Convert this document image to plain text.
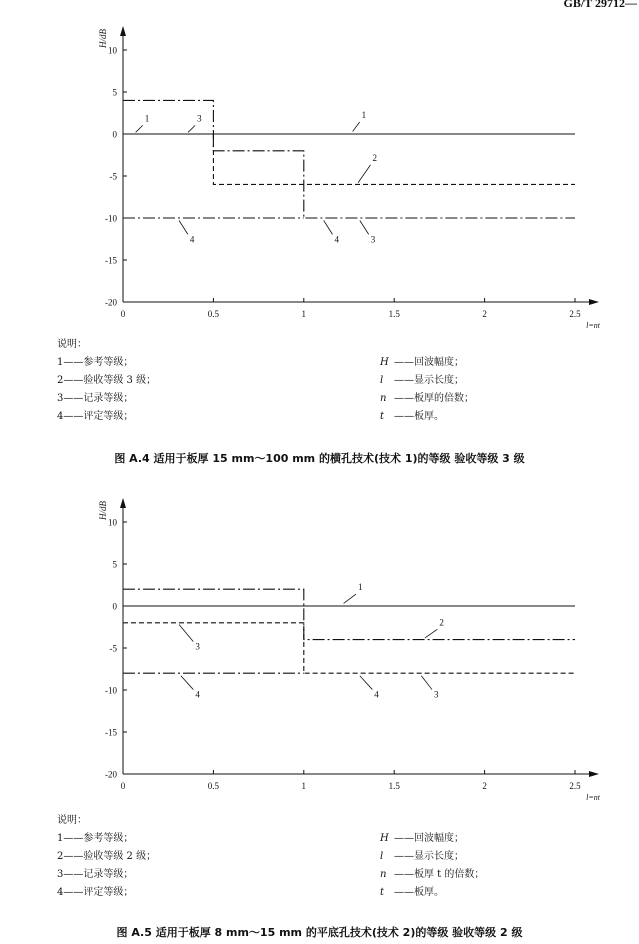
GB/T 29712—
10
5
0
-5
-10
-15
-20
0	0.5	1	1.5	2	2.5
H/dB
l=nt
1	3	1
2
4	4	3
说明：
1——参考等级；
2——验收等级 3 级；
3——记录等级；
4——评定等级；
H ——回波幅度；
l ——显示长度；
n ——板厚的倍数；
t ——板厚。
图 A.4 适用于板厚 15 mm～100 mm 的横孔技术(技术 1)的等级 验收等级 3 级
10
5
0
-5
-10
-15
-20
0	0.5	1	1.5	2	2.5
H/dB
l=nt
1
2
3
4	4	3
说明：
1——参考等级；
2——验收等级 2 级；
3——记录等级；
4——评定等级；
H ——回波幅度；
l ——显示长度；
n ——板厚 t 的倍数；
t ——板厚。
图 A.5 适用于板厚 8 mm～15 mm 的平底孔技术(技术 2)的等级 验收等级 2 级
